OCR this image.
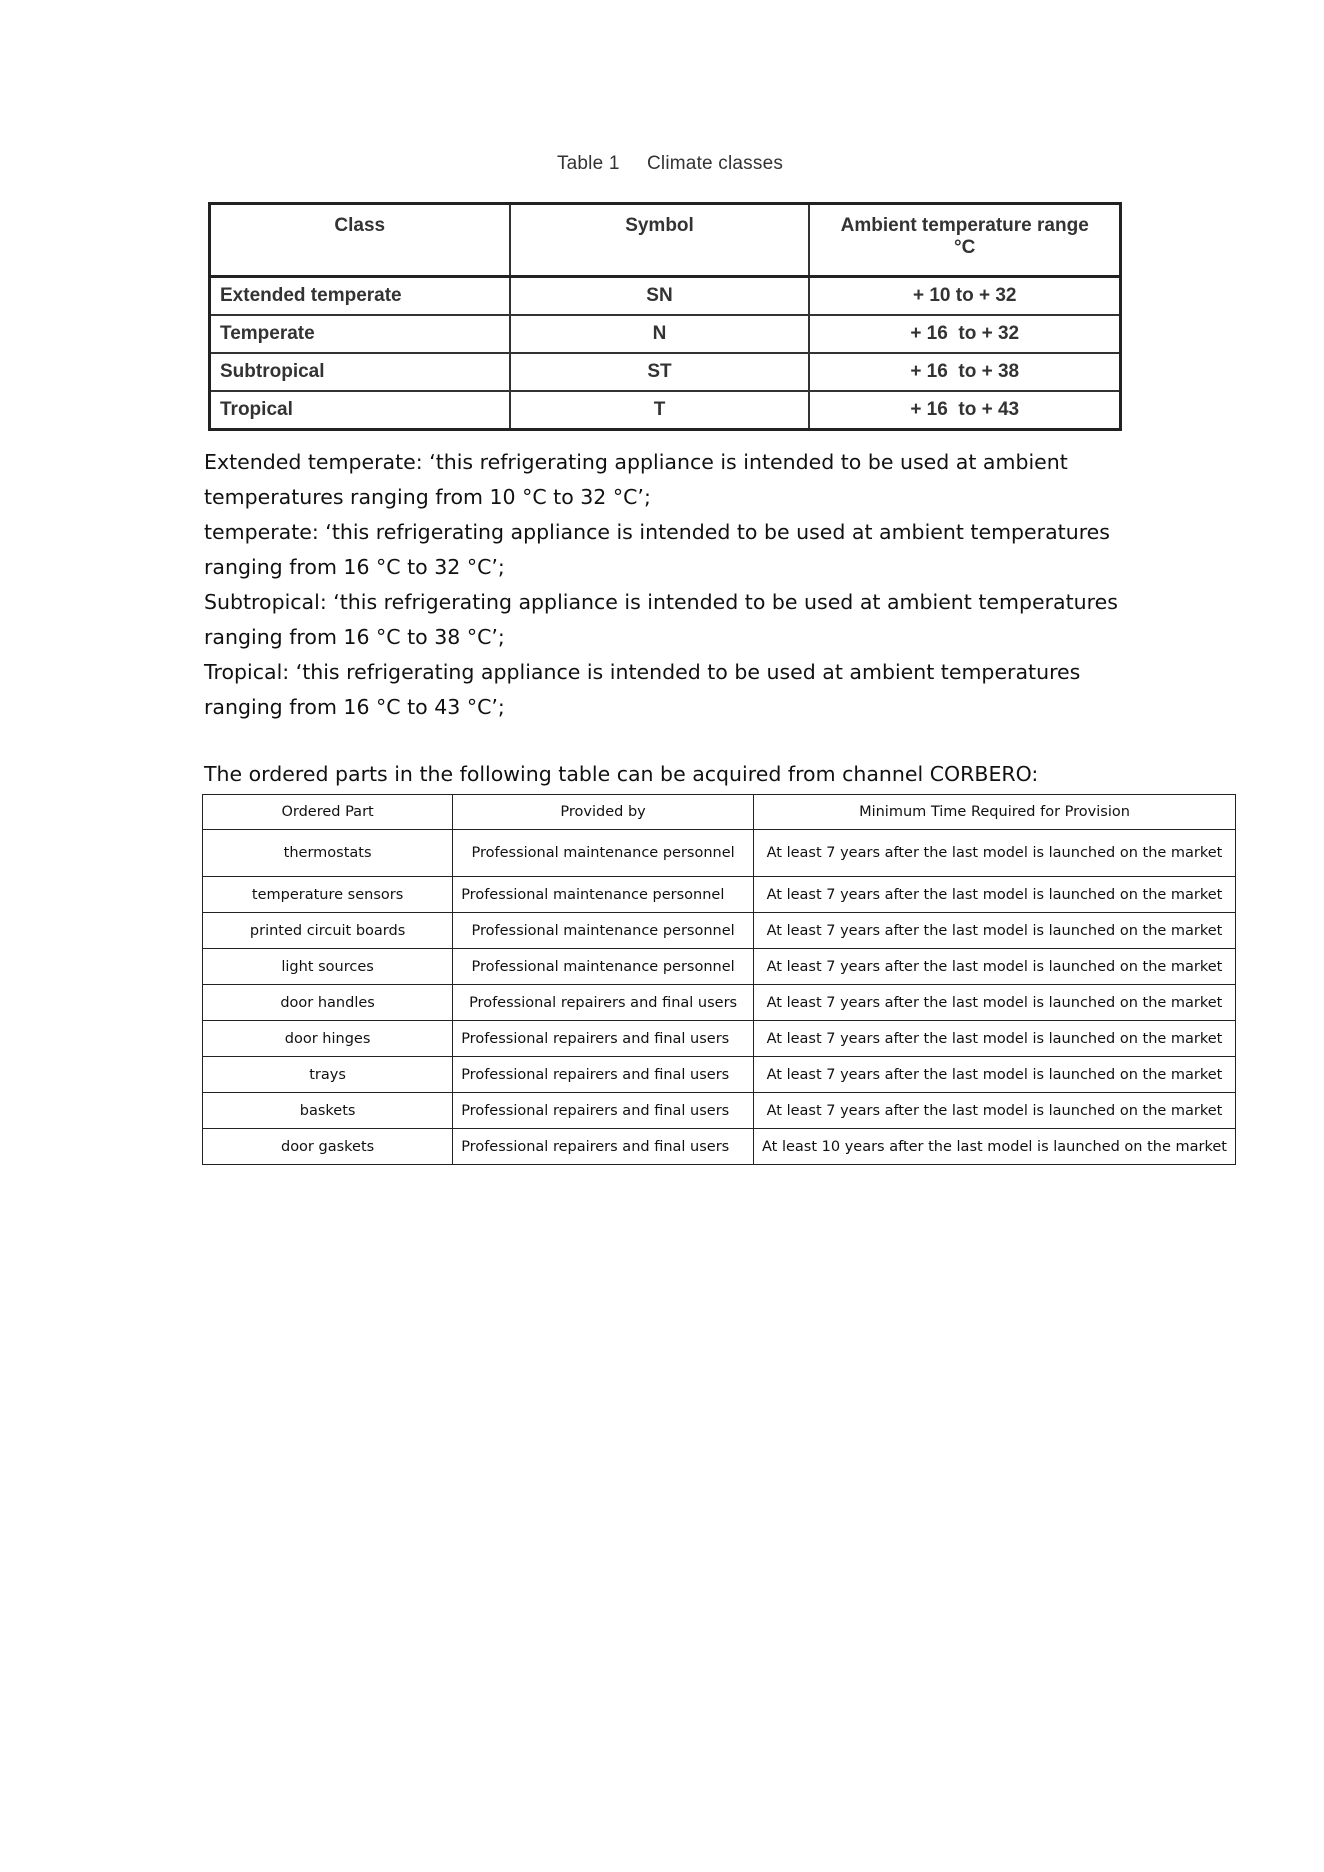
Table 1 Climate classes
Class	Symbol	Ambient temperature range
°C

Extended temperate	SN	+ 10 to + 32
Temperate	N	+ 16  to + 32
Subtropical	ST	+ 16  to + 38
Tropical	T	+ 16  to + 43

Extended temperate: ‘this refrigerating appliance is intended to be used at ambient temperatures ranging from 10 °C to 32 °C’;

temperate: ‘this refrigerating appliance is intended to be used at ambient temperatures ranging from 16 °C to 32 °C’;

Subtropical: ‘this refrigerating appliance is intended to be used at ambient temperatures ranging from 16 °C to 38 °C’;

Tropical: ‘this refrigerating appliance is intended to be used at ambient temperatures ranging from 16 °C to 43 °C’;

The ordered parts in the following table can be acquired from channel CORBERO:
Ordered Part	Provided by	Minimum Time Required for Provision
thermostats	Professional maintenance personnel	At least 7 years after the last model is launched on the market
temperature sensors	Professional maintenance personnel	At least 7 years after the last model is launched on the market
printed circuit boards	Professional maintenance personnel	At least 7 years after the last model is launched on the market
light sources	Professional maintenance personnel	At least 7 years after the last model is launched on the market
door handles	Professional repairers and final users	At least 7 years after the last model is launched on the market
door hinges	Professional repairers and final users	At least 7 years after the last model is launched on the market
trays	Professional repairers and final users	At least 7 years after the last model is launched on the market
baskets	Professional repairers and final users	At least 7 years after the last model is launched on the market
door gaskets	Professional repairers and final users	At least 10 years after the last model is launched on the market
